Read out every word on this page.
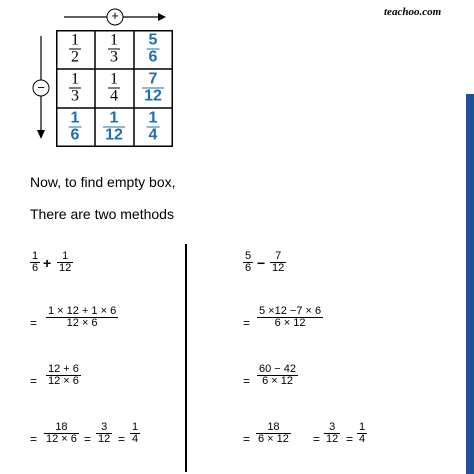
teachoo.com
+
−
1
2
1
3
5
6
1
3
1
4
7
12
1
6
1
12
1
4
Now, to find empty box,
There are two methods
1
6 + 1
12
=
1 × 12 + 1 × 6
12 × 6
=
12 + 6
12 × 6
=
18
12 × 6 =
3
12 =
1
4
5
6 − 7
12
=
5 ×12 −7 × 6
6 × 12
=
60 − 42
6 × 12
=
18
6 × 12 =
3
12 =
1
4
